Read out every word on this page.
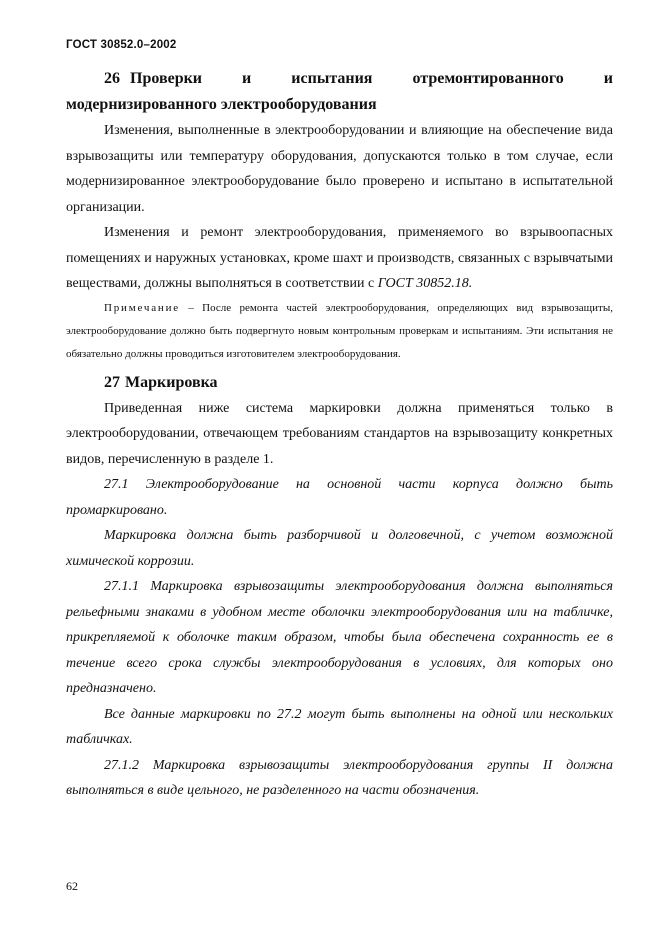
ГОСТ 30852.0–2002
26 Проверки и испытания отремонтированного и модернизированного электрооборудования

Изменения, выполненные в электрооборудовании и влияющие на обеспечение вида взрывозащиты или температуру оборудования, допускаются только в том случае, если модернизированное электрооборудование было проверено и испытано в испытательной организации.

Изменения и ремонт электрооборудования, применяемого во взрывоопасных помещениях и наружных установках, кроме шахт и производств, связанных с взрывчатыми веществами, должны выполняться в соответствии с ГОСТ 30852.18.

Примечание – После ремонта частей электрооборудования, определяющих вид взрывозащиты, электрооборудование должно быть подвергнуто новым контрольным проверкам и испытаниям. Эти испытания не обязательно должны проводиться изготовителем электрооборудования.

27 Маркировка

Приведенная ниже система маркировки должна применяться только в электрооборудовании, отвечающем требованиям стандартов на взрывозащиту конкретных видов, перечисленную в разделе 1.

27.1 Электрооборудование на основной части корпуса должно быть промаркировано.

Маркировка должна быть разборчивой и долговечной, с учетом возможной химической коррозии.

27.1.1 Маркировка взрывозащиты электрооборудования должна выполняться рельефными знаками в удобном месте оболочки электрооборудования или на табличке, прикрепляемой к оболочке таким образом, чтобы была обеспечена сохранность ее в течение всего срока службы электрооборудования в условиях, для которых оно предназначено.

Все данные маркировки по 27.2 могут быть выполнены на одной или нескольких табличках.

27.1.2 Маркировка взрывозащиты электрооборудования группы II должна выполняться в виде цельного, не разделенного на части обозначения.

62
